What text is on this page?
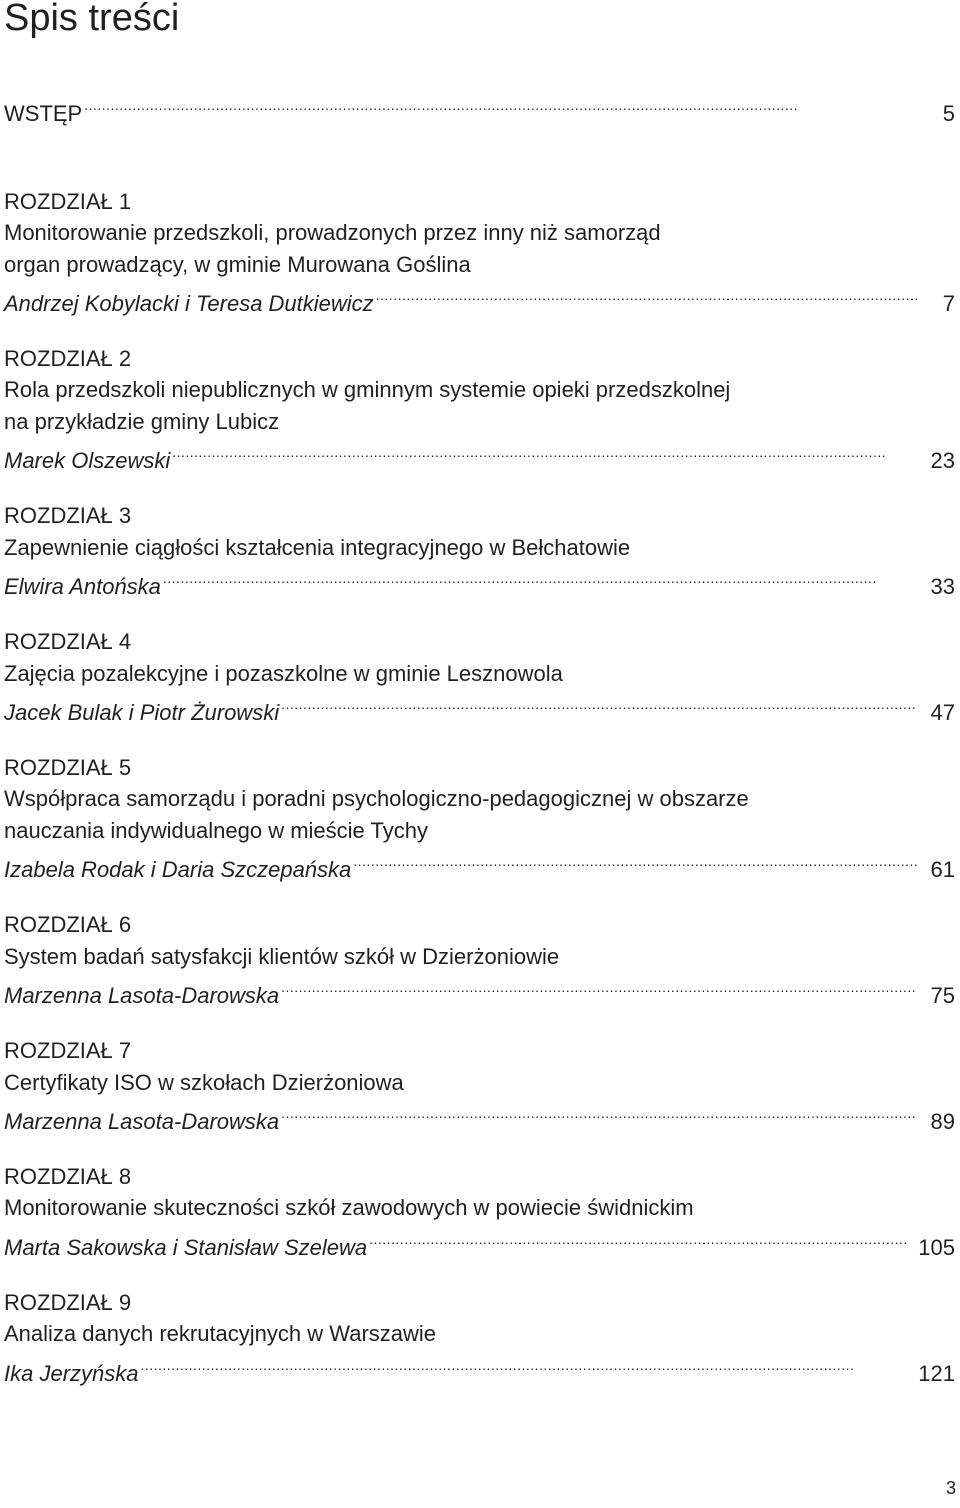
Spis treści
WSTĘP . . .	5
ROZDZIAŁ 1
Monitorowanie przedszkoli, prowadzonych przez inny niż samorząd
organ prowadzący, w gminie Murowana Goślina
Andrzej Kobylacki i Teresa Dutkiewicz . . .	7
ROZDZIAŁ 2
Rola przedszkoli niepublicznych w gminnym systemie opieki przedszkolnej
na przykładzie gminy Lubicz
Marek Olszewski . . .	23
ROZDZIAŁ 3
Zapewnienie ciągłości kształcenia integracyjnego w Bełchatowie
Elwira Antońska . . .	33
ROZDZIAŁ 4
Zajęcia pozalekcyjne i pozaszkolne w gminie Lesznowola
Jacek Bulak i Piotr Żurowski . . .	47
ROZDZIAŁ 5
Współpraca samorządu i poradni psychologiczno-pedagogicznej w obszarze
nauczania indywidualnego w mieście Tychy
Izabela Rodak i Daria Szczepańska . . .	61
ROZDZIAŁ 6
System badań satysfakcji klientów szkół w Dzierżoniowie
Marzenna Lasota-Darowska . . .	75
ROZDZIAŁ 7
Certyfikaty ISO w szkołach Dzierżoniowa
Marzenna Lasota-Darowska . . .	89
ROZDZIAŁ 8
Monitorowanie skuteczności szkół zawodowych w powiecie świdnickim
Marta Sakowska i Stanisław Szelewa . . .	105
ROZDZIAŁ 9
Analiza danych rekrutacyjnych w Warszawie
Ika Jerzyńska . . .	121

3
